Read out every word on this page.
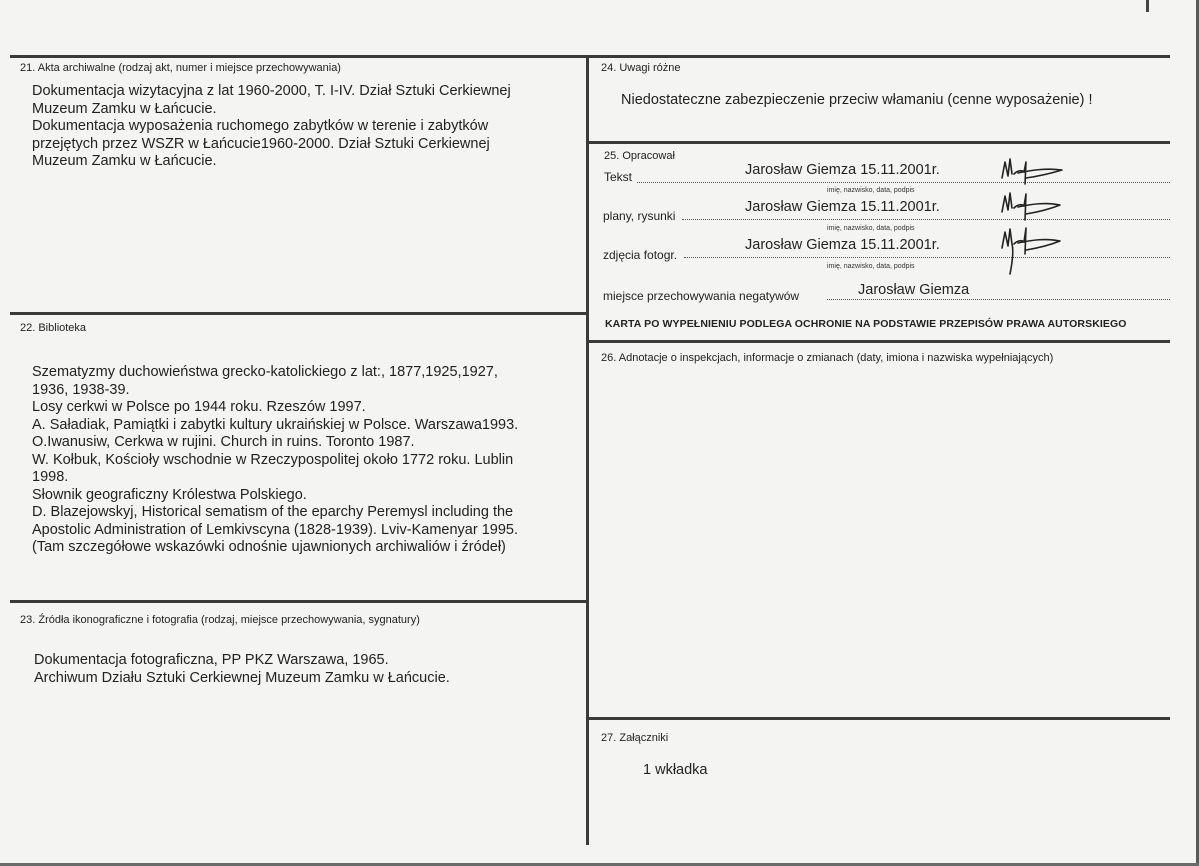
21. Akta archiwalne (rodzaj akt, numer i miejsce przechowywania)
Dokumentacja wizytacyjna z lat 1960-2000, T. I-IV. Dział Sztuki Cerkiewnej
Muzeum Zamku w Łańcucie.
Dokumentacja wyposażenia ruchomego zabytków w terenie i zabytków
przejętych przez WSZR w Łańcucie1960-2000. Dział Sztuki Cerkiewnej
Muzeum Zamku w Łańcucie.
22. Biblioteka
Szematyzmy duchowieństwa grecko-katolickiego z lat:, 1877,1925,1927,
1936, 1938-39.
Losy cerkwi w Polsce po 1944 roku. Rzeszów 1997.
A. Saładiak, Pamiątki i zabytki kultury ukraińskiej w Polsce. Warszawa1993.
O.Iwanusiw, Cerkwa w rujini. Church in ruins. Toronto 1987.
W. Kołbuk, Kościoły wschodnie w Rzeczypospolitej około 1772 roku. Lublin
1998.
Słownik geograficzny Królestwa Polskiego.
D. Blazejowskyj, Historical sematism of the eparchy Peremysl including the
Apostolic Administration of Lemkivscyna (1828-1939). Lviv-Kamenyar 1995.
(Tam szczegółowe wskazówki odnośnie ujawnionych archiwaliów i źródeł)
23. Źródła ikonograficzne i fotografia (rodzaj, miejsce przechowywania, sygnatury)
Dokumentacja fotograficzna, PP PKZ Warszawa, 1965.
Archiwum Działu Sztuki Cerkiewnej Muzeum Zamku w Łańcucie.
24. Uwagi różne
Niedostateczne zabezpieczenie przeciw włamaniu (cenne wyposażenie) !
25. Opracował
Tekst	Jarosław Giemza 15.11.2001r.
imię, nazwisko, data, podpis
plany, rysunki
Jarosław Giemza 15.11.2001r.
imię, nazwisko, data, podpis
zdjęcia fotogr.
Jarosław Giemza 15.11.2001r.
imię, nazwisko, data, podpis
miejsce przechowywania negatywów	Jarosław Giemza
KARTA PO WYPEŁNIENIU PODLEGA OCHRONIE NA PODSTAWIE PRZEPISÓW PRAWA AUTORSKIEGO
26. Adnotacje o inspekcjach, informacje o zmianach (daty, imiona i nazwiska wypełniających)
27. Załączniki
1 wkładka
